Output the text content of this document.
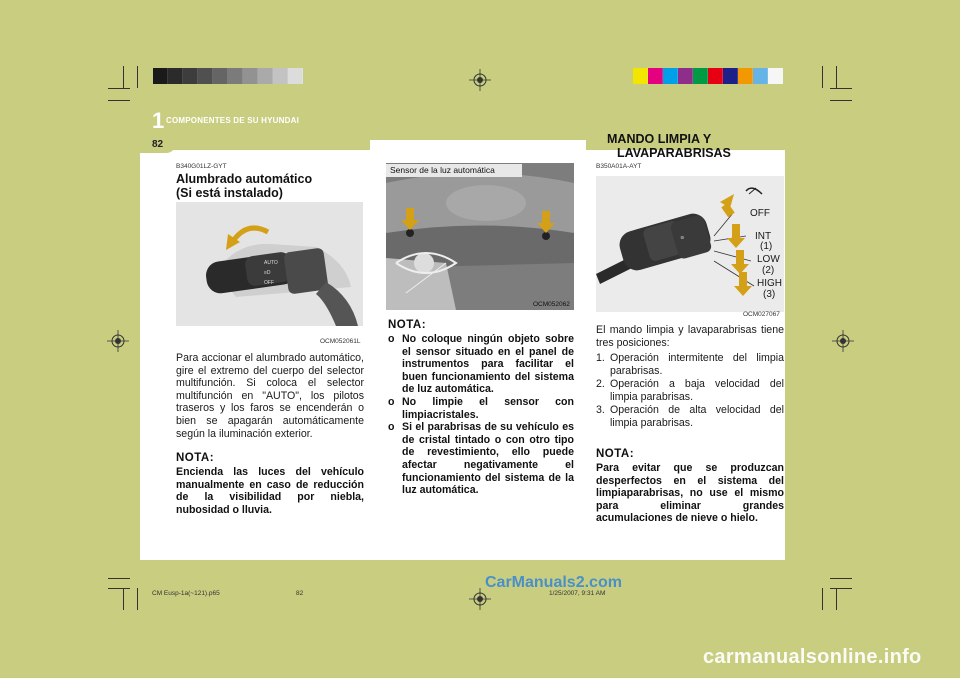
1 COMPONENTES DE SU HYUNDAI
82
B340G01LZ-GYT
Alumbrado automático
(Si está instalado)
AUTO
≡D
OFF
OCM052061L
Para accionar el alumbrado automático, gire el extremo del cuerpo del selector multifunción. Si coloca el selector multifunción en "AUTO", los pilotos traseros y los faros se encenderán o bien se apagarán automáticamente según la iluminación exterior.
NOTA:
Encienda las luces del vehículo manualmente en caso de reducción de la visibilidad por niebla, nubosidad o lluvia.
Sensor de la luz automática
OCM052062
NOTA:
o No coloque ningún objeto sobre el sensor situado en el panel de instrumentos para facilitar el buen funcionamiento del sistema de luz automática.
o No limpie el sensor con limpiacristales.
o Si el parabrisas de su vehículo es de cristal tintado o con otro tipo de revestimiento, ello puede afectar negativamente el funcionamiento del sistema de la luz automática.
MANDO LIMPIA Y
LAVAPARABRISAS
B350A01A-AYT
≋
OFF
INT
(1)
LOW
(2)
HIGH
(3)
OCM027067
El mando limpia y lavaparabrisas tiene tres posiciones:
1. Operación intermitente del limpia parabrisas.
2. Operación a baja velocidad del limpia parabrisas.
3. Operación de alta velocidad del limpia parabrisas.
NOTA:
Para evitar que se produzcan desperfectos en el sistema del limpiaparabrisas, no use el mismo para eliminar grandes acumulaciones de nieve o hielo.
CM Eusp-1a(~121).p65	82	1/25/2007, 9:31 AM
CarManuals2.com
carmanualsonline.info
